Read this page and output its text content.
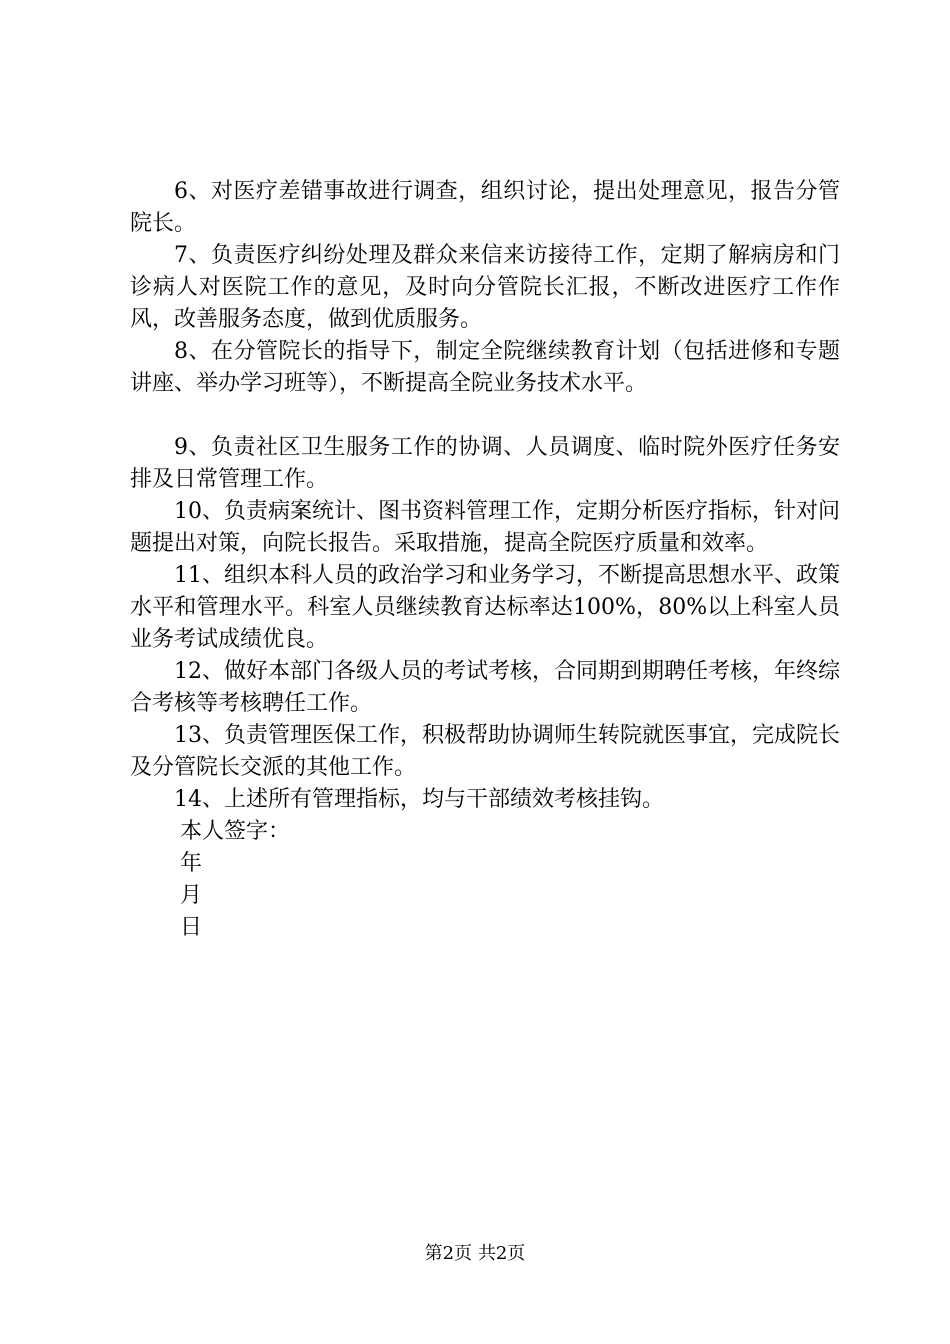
6、对医疗差错事故进行调查，组织讨论，提出处理意见，报告分管院长。

7、负责医疗纠纷处理及群众来信来访接待工作，定期了解病房和门诊病人对医院工作的意见，及时向分管院长汇报，不断改进医疗工作作风，改善服务态度，做到优质服务。

8、在分管院长的指导下，制定全院继续教育计划（包括进修和专题讲座、举办学习班等），不断提高全院业务技术水平。

9、负责社区卫生服务工作的协调、人员调度、临时院外医疗任务安排及日常管理工作。

10、负责病案统计、图书资料管理工作，定期分析医疗指标，针对问题提出对策，向院长报告。采取措施，提高全院医疗质量和效率。

11、组织本科人员的政治学习和业务学习，不断提高思想水平、政策水平和管理水平。科室人员继续教育达标率达100%，80%以上科室人员业务考试成绩优良。

12、做好本部门各级人员的考试考核，合同期到期聘任考核，年终综合考核等考核聘任工作。

13、负责管理医保工作，积极帮助协调师生转院就医事宜，完成院长及分管院长交派的其他工作。

14、上述所有管理指标，均与干部绩效考核挂钩。

本人签字：

年

月

日

第2页 共2页
